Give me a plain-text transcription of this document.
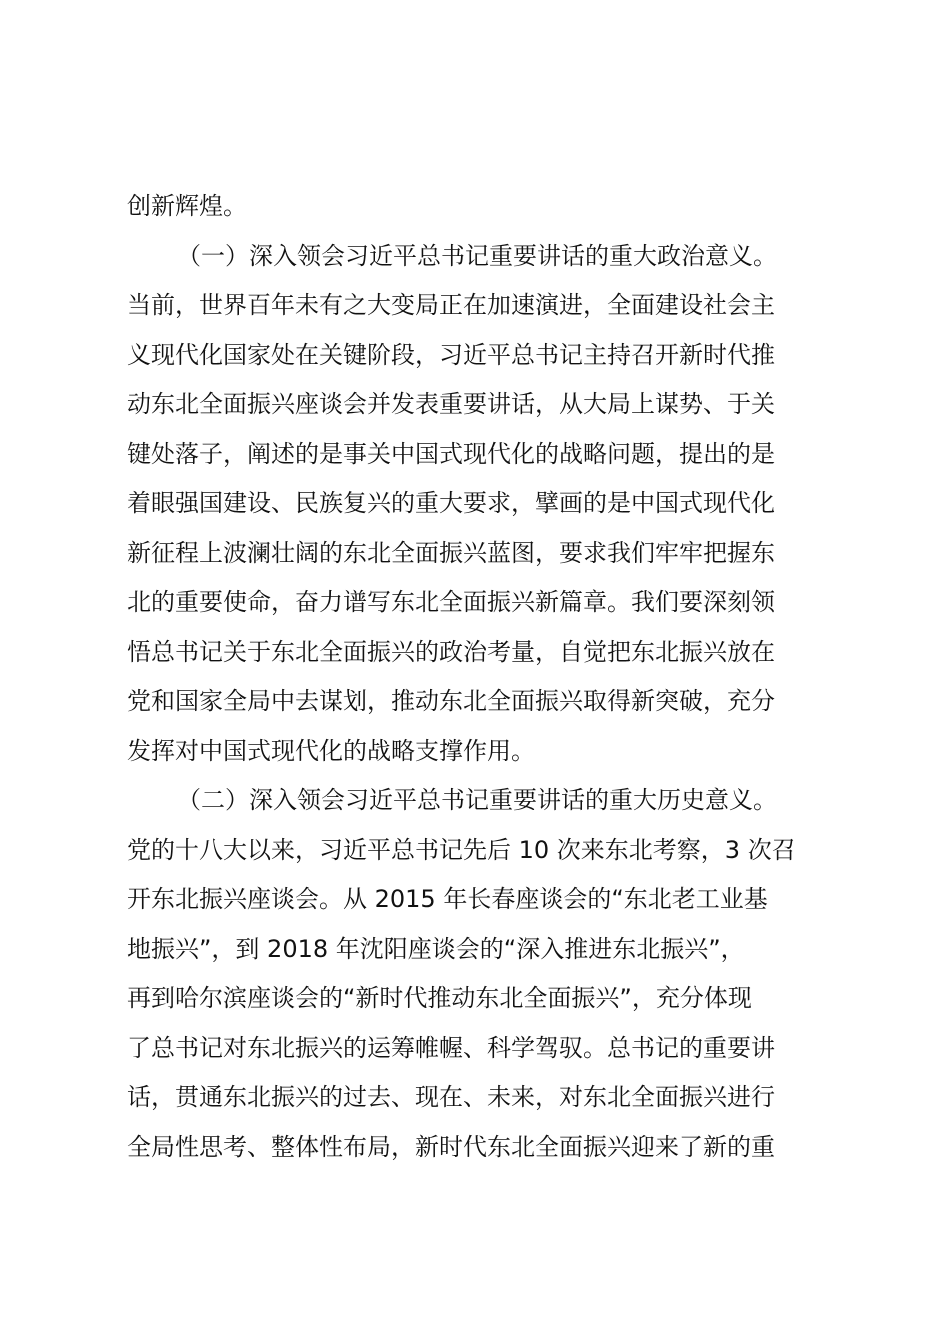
创新辉煌。
（一）深入领会习近平总书记重要讲话的重大政治意义。
当前，世界百年未有之大变局正在加速演进，全面建设社会主
义现代化国家处在关键阶段，习近平总书记主持召开新时代推
动东北全面振兴座谈会并发表重要讲话，从大局上谋势、于关
键处落子，阐述的是事关中国式现代化的战略问题，提出的是
着眼强国建设、民族复兴的重大要求，擘画的是中国式现代化
新征程上波澜壮阔的东北全面振兴蓝图，要求我们牢牢把握东
北的重要使命，奋力谱写东北全面振兴新篇章。我们要深刻领
悟总书记关于东北全面振兴的政治考量，自觉把东北振兴放在
党和国家全局中去谋划，推动东北全面振兴取得新突破，充分
发挥对中国式现代化的战略支撑作用。
（二）深入领会习近平总书记重要讲话的重大历史意义。
党的十八大以来，习近平总书记先后 10 次来东北考察，3 次召
开东北振兴座谈会。从 2015 年长春座谈会的“东北老工业基
地振兴”，到 2018 年沈阳座谈会的“深入推进东北振兴”，
再到哈尔滨座谈会的“新时代推动东北全面振兴”，充分体现
了总书记对东北振兴的运筹帷幄、科学驾驭。总书记的重要讲
话，贯通东北振兴的过去、现在、未来，对东北全面振兴进行
全局性思考、整体性布局，新时代东北全面振兴迎来了新的重
